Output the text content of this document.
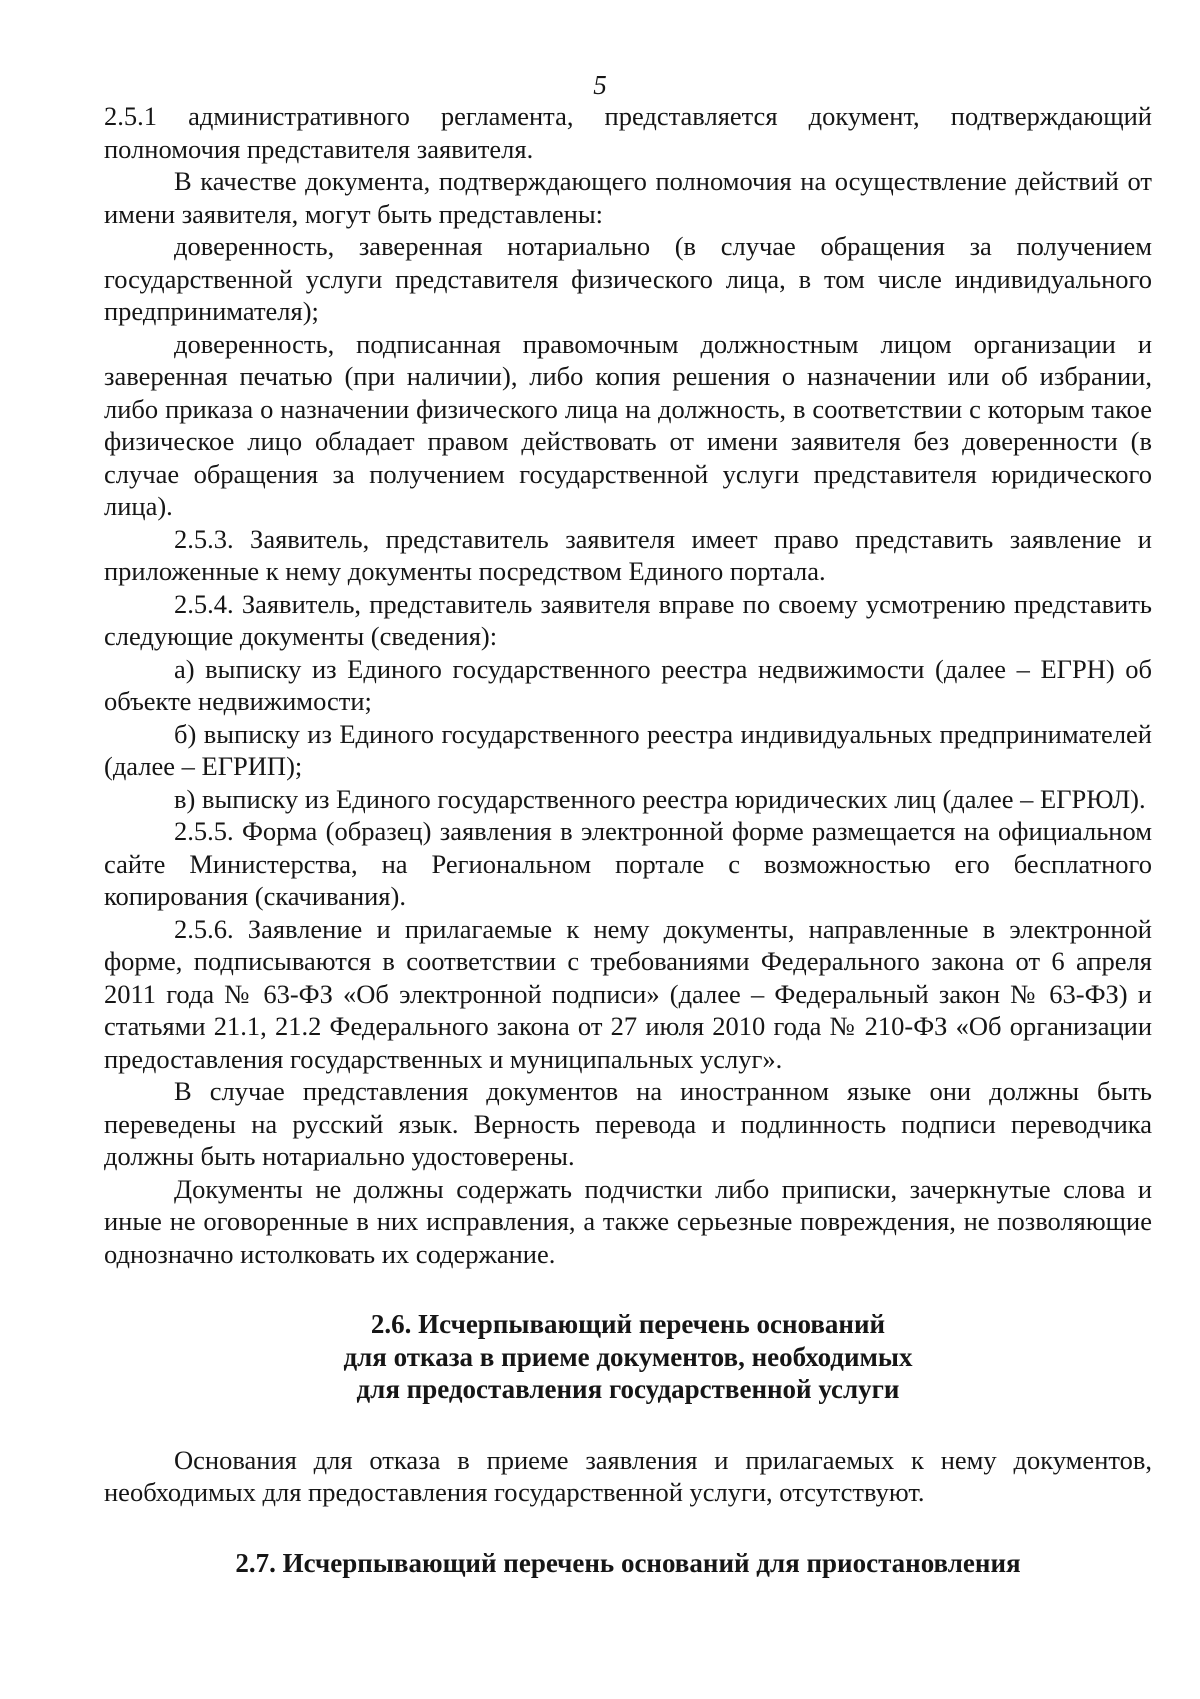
5

2.5.1 административного регламента, представляется документ, подтверждающий полномочия представителя заявителя.

В качестве документа, подтверждающего полномочия на осуществление действий от имени заявителя, могут быть представлены:

доверенность, заверенная нотариально (в случае обращения за получением государственной услуги представителя физического лица, в том числе индивидуального предпринимателя);

доверенность, подписанная правомочным должностным лицом организации и заверенная печатью (при наличии), либо копия решения о назначении или об избрании, либо приказа о назначении физического лица на должность, в соответствии с которым такое физическое лицо обладает правом действовать от имени заявителя без доверенности (в случае обращения за получением государственной услуги представителя юридического лица).

2.5.3. Заявитель, представитель заявителя имеет право представить заявление и приложенные к нему документы посредством Единого портала.

2.5.4. Заявитель, представитель заявителя вправе по своему усмотрению представить следующие документы (сведения):

а) выписку из Единого государственного реестра недвижимости (далее – ЕГРН) об объекте недвижимости;

б) выписку из Единого государственного реестра индивидуальных предпринимателей (далее – ЕГРИП);

в) выписку из Единого государственного реестра юридических лиц (далее – ЕГРЮЛ).

2.5.5. Форма (образец) заявления в электронной форме размещается на официальном сайте Министерства, на Региональном портале с возможностью его бесплатного копирования (скачивания).

2.5.6. Заявление и прилагаемые к нему документы, направленные в электронной форме, подписываются в соответствии с требованиями Федерального закона от 6 апреля 2011 года № 63-ФЗ «Об электронной подписи» (далее – Федеральный закон № 63-ФЗ) и статьями 21.1, 21.2 Федерального закона от 27 июля 2010 года № 210-ФЗ «Об организации предоставления государственных и муниципальных услуг».

В случае представления документов на иностранном языке они должны быть переведены на русский язык. Верность перевода и подлинность подписи переводчика должны быть нотариально удостоверены.

Документы не должны содержать подчистки либо приписки, зачеркнутые слова и иные не оговоренные в них исправления, а также серьезные повреждения, не позволяющие однозначно истолковать их содержание.

2.6. Исчерпывающий перечень оснований
для отказа в приеме документов, необходимых
для предоставления государственной услуги

Основания для отказа в приеме заявления и прилагаемых к нему документов, необходимых для предоставления государственной услуги, отсутствуют.

2.7. Исчерпывающий перечень оснований для приостановления
